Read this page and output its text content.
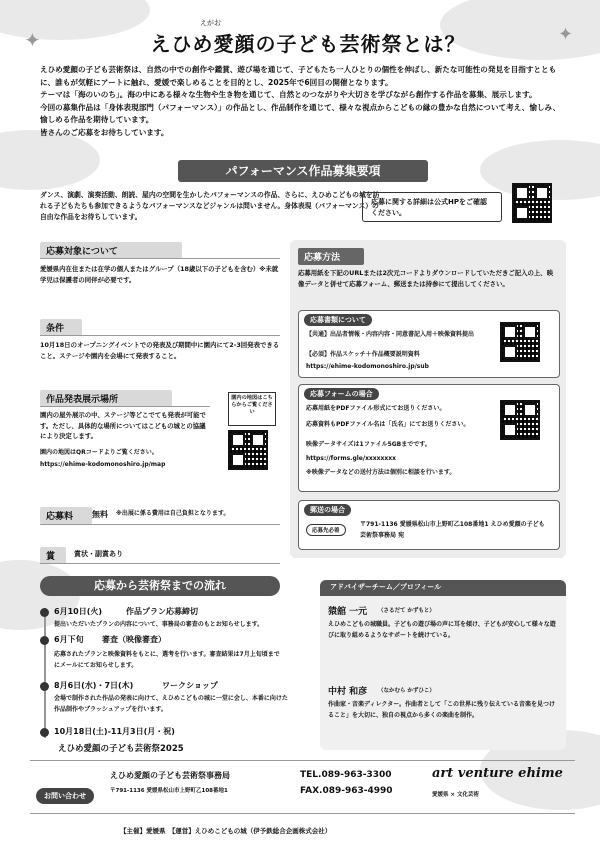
✦	✦
えがお
えひめ愛顔の子ども芸術祭とは？
えひめ愛顔の子ども芸術祭は、自然の中での創作や鑑賞、遊び場を通じて、子どもたち一人ひとりの個性を伸ばし、新たな可能性の発見を目指すとともに、誰もが気軽にアートに触れ、愛媛で楽しめることを目的とし、2025年で6回目の開催となります。
テーマは「海のいのち」。海の中にある様々な生物や生き物を通じて、自然とのつながりや大切さを学びながら創作する作品を募集、展示します。
今回の募集作品は「身体表現部門（パフォーマンス）」の作品とし、作品制作を通じて、様々な視点からこどもの縁の豊かな自然について考え、愉しみ、愉しめる作品を期待しています。
皆さんのご応募をお待ちしています。
パフォーマンス作品募集要項
ダンス、演劇、演奏活動、朗読、屋内の空間を生かしたパフォーマンスの作品、さらに、えひめこどもの城を訪れる子どもたちも参加できるようなパフォーマンスなどジャンルは問いません。身体表現（パフォーマンス）の自由な作品をお待ちしています。
応募に関する詳細は公式HPをご確認ください。
応募対象について
愛媛県内在住または在学の個人またはグループ（18歳以下の子どもを含む）※未就学児は保護者の同伴が必要です。
条件
10月18日のオープニングイベントでの発表及び期間中に園内にて2-3回発表できること。ステージや園内を会場にて発表すること。
作品発表展示場所
園内の屋外展示の中、ステージ等どこでても発表が可能です。ただし、具体的な場所についてはこどもの城との協議により決定します。
園内の地図はQRコードよりご覧ください。
https://ehime-kodomonoshiro.jp/map
園内の地図はこちらからご覧ください
応募料	無料 ※出展に係る費用は自己負担となります。
賞	賞状・副賞あり
応募方法
応募用紙を下記のURLまたは2次元コードよりダウンロードしていただきご記入の上、映像データと併せて応募フォーム、郵送または持参にて提出してください。
応募書類について
【共通】出品者情報・内容内容・同意書記入用＋映像資料提出
【必須】作品スケッチ＋作品概要説明資料
https://ehime-kodomonoshiro.jp/sub
応募フォームの場合
応募用紙をPDFファイル形式にてお送りください。
応募資料もPDFファイル名は「氏名」にてお送りください。
映像データサイズは1ファイル5GBまでです。
https://forms.gle/xxxxxxxx
※映像データなどの送付方法は個別に相談を行います。
郵送の場合
応募先必着
〒791-1136 愛媛県松山市上野町乙108番地1 えひめ愛顔の子ども芸術祭事務局 宛
応募から芸術祭までの流れ
6月10日(火)	作品プラン応募締切
提出いただいたプランの内容について、事務局の審査のもとお知らせします。
6月下旬 審査（映像審査）
応募されたプランと映像資料をもとに、選考を行います。審査結果は7月上旬頃までにメールにてお知らせします。
8月6日(水)・7日(木)	ワークショップ
会場で制作された作品の発表に向けて、えひめこどもの城に一堂に会し、本番に向けた作品制作やブラッシュアップを行います。
10月18日(土)-11月3日(月・祝)
えひめ愛顔の子ども芸術祭2025
アドバイザーチーム／プロフィール
猿舘 一元 （さるだて かずもと）
えひめこどもの城職員。子どもの遊び場の声に耳を傾け、子どもが安心して様々な遊びに取り組めるようなサポートを続けている。
中村 和彦 （なかむら かずひこ）
作曲家・音楽ディレクター。作曲者として「この世界に残り伝えている音楽を見つけること」を大切に、独自の視点から多くの楽曲を制作。
お問い合わせ
えひめ愛顔の子ども芸術祭事務局
〒791-1136 愛媛県松山市上野町乙108番地1
TEL.089-963-3300
FAX.089-963-4990
art venture ehime
愛媛県 × 文化芸術
【主催】愛媛県　【運営】えひめこどもの城（伊予鉄総合企画株式会社）
